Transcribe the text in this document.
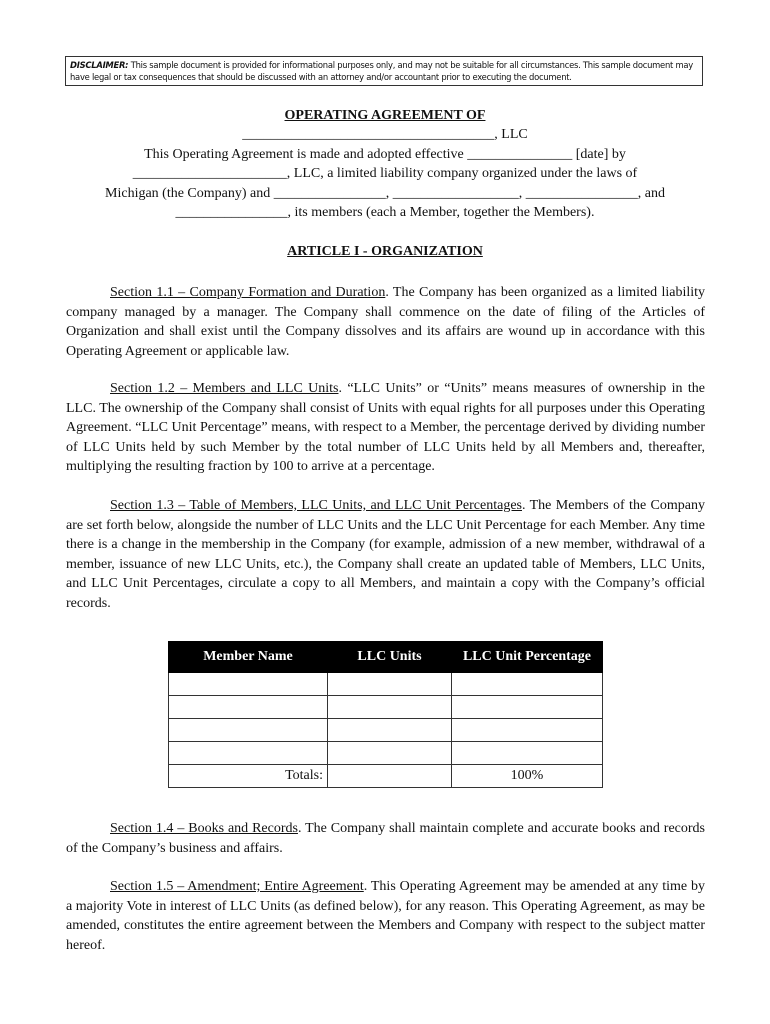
DISCLAIMER: This sample document is provided for informational purposes only, and may not be suitable for all circumstances. This sample document may have legal or tax consequences that should be discussed with an attorney and/or accountant prior to executing the document.
OPERATING AGREEMENT OF
____________________________________, LLC
This Operating Agreement is made and adopted effective _______________ [date] by
______________________, LLC, a limited liability company organized under the laws of
Michigan (the Company) and ________________, __________________, ________________, and
________________, its members (each a Member, together the Members).
ARTICLE I - ORGANIZATION
Section 1.1 – Company Formation and Duration. The Company has been organized as a limited liability company managed by a manager. The Company shall commence on the date of filing of the Articles of Organization and shall exist until the Company dissolves and its affairs are wound up in accordance with this Operating Agreement or applicable law.
Section 1.2 – Members and LLC Units. “LLC Units” or “Units” means measures of ownership in the LLC. The ownership of the Company shall consist of Units with equal rights for all purposes under this Operating Agreement. “LLC Unit Percentage” means, with respect to a Member, the percentage derived by dividing number of LLC Units held by such Member by the total number of LLC Units held by all Members and, thereafter, multiplying the resulting fraction by 100 to arrive at a percentage.
Section 1.3 – Table of Members, LLC Units, and LLC Unit Percentages. The Members of the Company are set forth below, alongside the number of LLC Units and the LLC Unit Percentage for each Member. Any time there is a change in the membership in the Company (for example, admission of a new member, withdrawal of a member, issuance of new LLC Units, etc.), the Company shall create an updated table of Members, LLC Units, and LLC Unit Percentages, circulate a copy to all Members, and maintain a copy with the Company’s official records.
Member Name	LLC Units	LLC Unit Percentage

Totals:		100%
Section 1.4 – Books and Records. The Company shall maintain complete and accurate books and records of the Company’s business and affairs.
Section 1.5 – Amendment; Entire Agreement. This Operating Agreement may be amended at any time by a majority Vote in interest of LLC Units (as defined below), for any reason. This Operating Agreement, as may be amended, constitutes the entire agreement between the Members and Company with respect to the subject matter hereof.
